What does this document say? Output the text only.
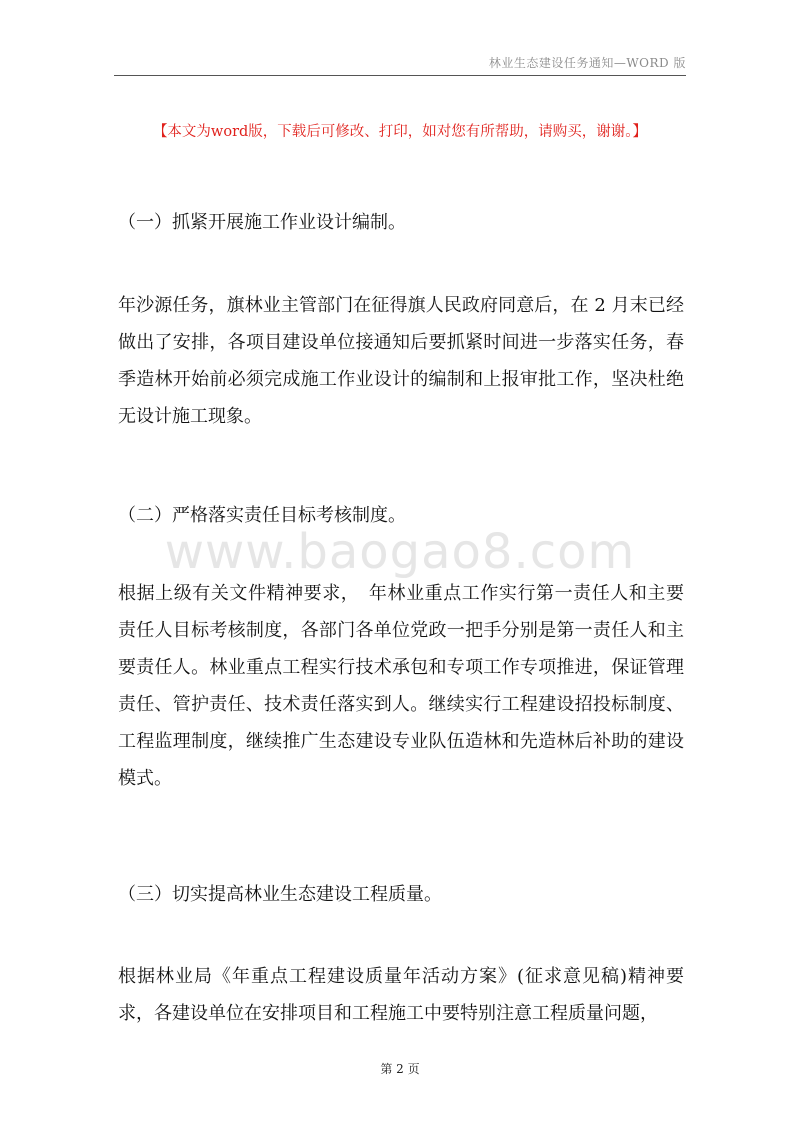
林业生态建设任务通知—WORD 版
【本文为word版，下载后可修改、打印，如对您有所帮助，请购买，谢谢。】
www.baogao8.com
（一）抓紧开展施工作业设计编制。
年沙源任务，旗林业主管部门在征得旗人民政府同意后，在 2 月末已经做出了安排，各项目建设单位接通知后要抓紧时间进一步落实任务，春季造林开始前必须完成施工作业设计的编制和上报审批工作，坚决杜绝无设计施工现象。
（二）严格落实责任目标考核制度。
根据上级有关文件精神要求，　年林业重点工作实行第一责任人和主要责任人目标考核制度，各部门各单位党政一把手分别是第一责任人和主要责任人。林业重点工程实行技术承包和专项工作专项推进，保证管理责任、管护责任、技术责任落实到人。继续实行工程建设招投标制度、工程监理制度，继续推广生态建设专业队伍造林和先造林后补助的建设模式。
（三）切实提高林业生态建设工程质量。
根据林业局《年重点工程建设质量年活动方案》(征求意见稿)精神要求，各建设单位在安排项目和工程施工中要特别注意工程质量问题，
第 2 页
